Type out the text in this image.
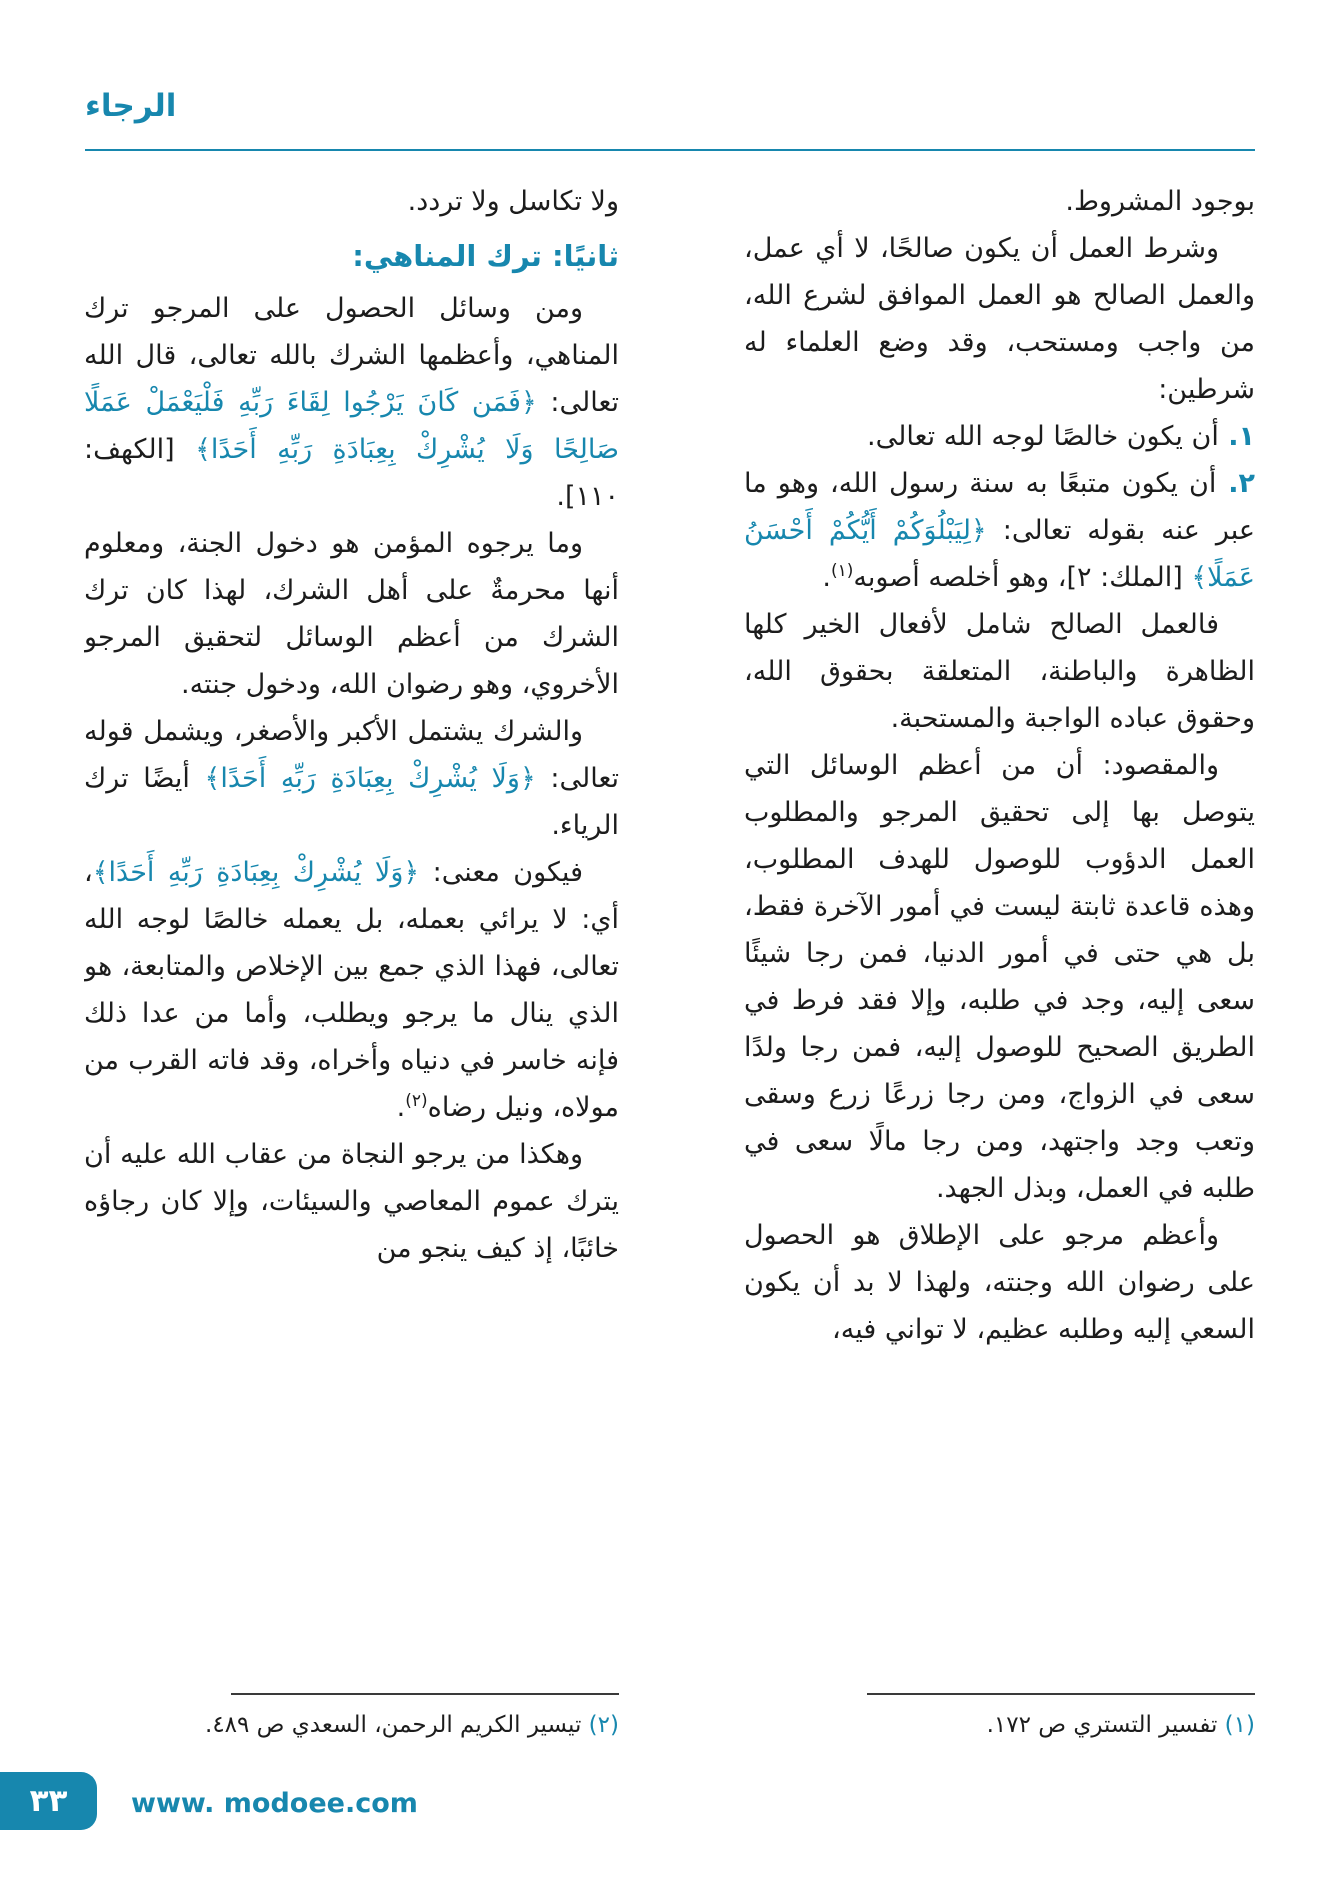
الرجاء

بوجود المشروط.

وشرط العمل أن يكون صالحًا، لا أي عمل، والعمل الصالح هو العمل الموافق لشرع الله، من واجب ومستحب، وقد وضع العلماء له شرطين:

١. أن يكون خالصًا لوجه الله تعالى.

٢. أن يكون متبعًا به سنة رسول الله، وهو ما عبر عنه بقوله تعالى: ﴿لِيَبْلُوَكُمْ أَيُّكُمْ أَحْسَنُ عَمَلًا﴾ [الملك: ٢]، وهو أخلصه أصوبه$^{(١)}$.

فالعمل الصالح شامل لأفعال الخير كلها الظاهرة والباطنة، المتعلقة بحقوق الله، وحقوق عباده الواجبة والمستحبة.

والمقصود: أن من أعظم الوسائل التي يتوصل بها إلى تحقيق المرجو والمطلوب العمل الدؤوب للوصول للهدف المطلوب، وهذه قاعدة ثابتة ليست في أمور الآخرة فقط، بل هي حتى في أمور الدنيا، فمن رجا شيئًا سعى إليه، وجد في طلبه، وإلا فقد فرط في الطريق الصحيح للوصول إليه، فمن رجا ولدًا سعى في الزواج، ومن رجا زرعًا زرع وسقى وتعب وجد واجتهد، ومن رجا مالًا سعى في طلبه في العمل، وبذل الجهد.

وأعظم مرجو على الإطلاق هو الحصول على رضوان الله وجنته، ولهذا لا بد أن يكون السعي إليه وطلبه عظيم، لا تواني فيه،

ولا تكاسل ولا تردد.

ثانيًا: ترك المناهي:

ومن وسائل الحصول على المرجو ترك المناهي، وأعظمها الشرك بالله تعالى، قال الله تعالى: ﴿فَمَن كَانَ يَرْجُوا لِقَاءَ رَبِّهِ فَلْيَعْمَلْ عَمَلًا صَالِحًا وَلَا يُشْرِكْ بِعِبَادَةِ رَبِّهِ أَحَدًا﴾ [الكهف: ١١٠].

وما يرجوه المؤمن هو دخول الجنة، ومعلوم أنها محرمةٌ على أهل الشرك، لهذا كان ترك الشرك من أعظم الوسائل لتحقيق المرجو الأخروي، وهو رضوان الله، ودخول جنته.

والشرك يشتمل الأكبر والأصغر، ويشمل قوله تعالى: ﴿وَلَا يُشْرِكْ بِعِبَادَةِ رَبِّهِ أَحَدًا﴾ أيضًا ترك الرياء.

فيكون معنى: ﴿وَلَا يُشْرِكْ بِعِبَادَةِ رَبِّهِ أَحَدًا﴾، أي: لا يرائي بعمله، بل يعمله خالصًا لوجه الله تعالى، فهذا الذي جمع بين الإخلاص والمتابعة، هو الذي ينال ما يرجو ويطلب، وأما من عدا ذلك فإنه خاسر في دنياه وأخراه، وقد فاته القرب من مولاه، ونيل رضاه$^{(٢)}$.

وهكذا من يرجو النجاة من عقاب الله عليه أن يترك عموم المعاصي والسيئات، وإلا كان رجاؤه خائبًا، إذ كيف ينجو من

(١) تفسير التستري ص ١٧٢.

(٢) تيسير الكريم الرحمن، السعدي ص ٤٨٩.

٣٣ www. modoee.com
